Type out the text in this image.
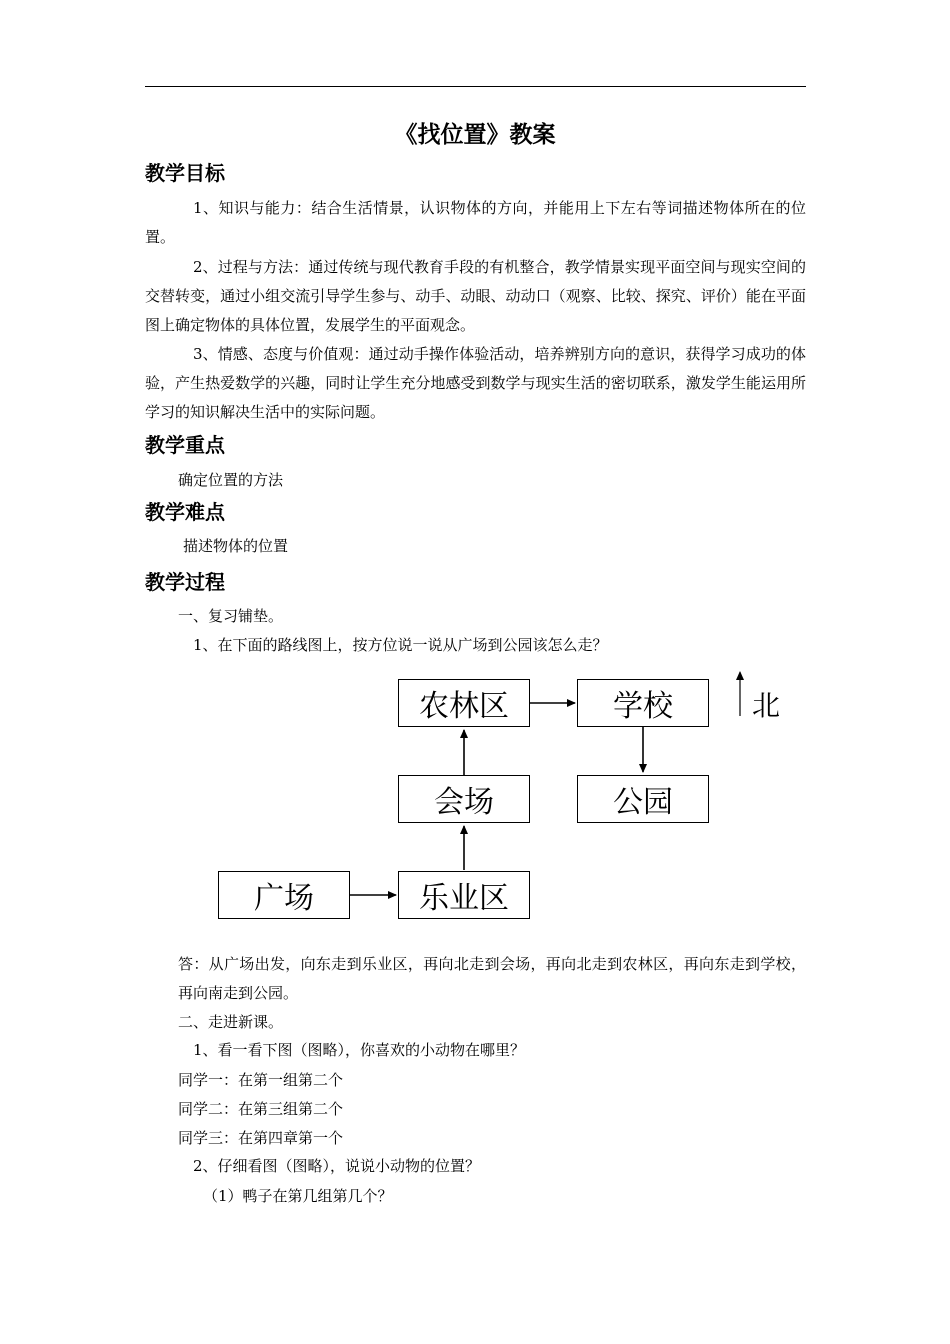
《找位置》教案
教学目标
1、知识与能力：结合生活情景，认识物体的方向，并能用上下左右等词描述物体所在的位置。
2、过程与方法：通过传统与现代教育手段的有机整合，教学情景实现平面空间与现实空间的交替转变，通过小组交流引导学生参与、动手、动眼、动动口（观察、比较、探究、评价）能在平面图上确定物体的具体位置，发展学生的平面观念。
3、情感、态度与价值观：通过动手操作体验活动，培养辨别方向的意识，获得学习成功的体验，产生热爱数学的兴趣，同时让学生充分地感受到数学与现实生活的密切联系，激发学生能运用所学习的知识解决生活中的实际问题。
教学重点
确定位置的方法
教学难点
描述物体的位置
教学过程
一、复习铺垫。
1、在下面的路线图上，按方位说一说从广场到公园该怎么走？
农林区	学校
会场	公园
广场	乐业区
北
答：从广场出发，向东走到乐业区，再向北走到会场，再向北走到农林区，再向东走到学校，再向南走到公园。
二、走进新课。
1、看一看下图（图略），你喜欢的小动物在哪里？
同学一：在第一组第二个
同学二：在第三组第二个
同学三：在第四章第一个
2、仔细看图（图略），说说小动物的位置？
（1）鸭子在第几组第几个？
